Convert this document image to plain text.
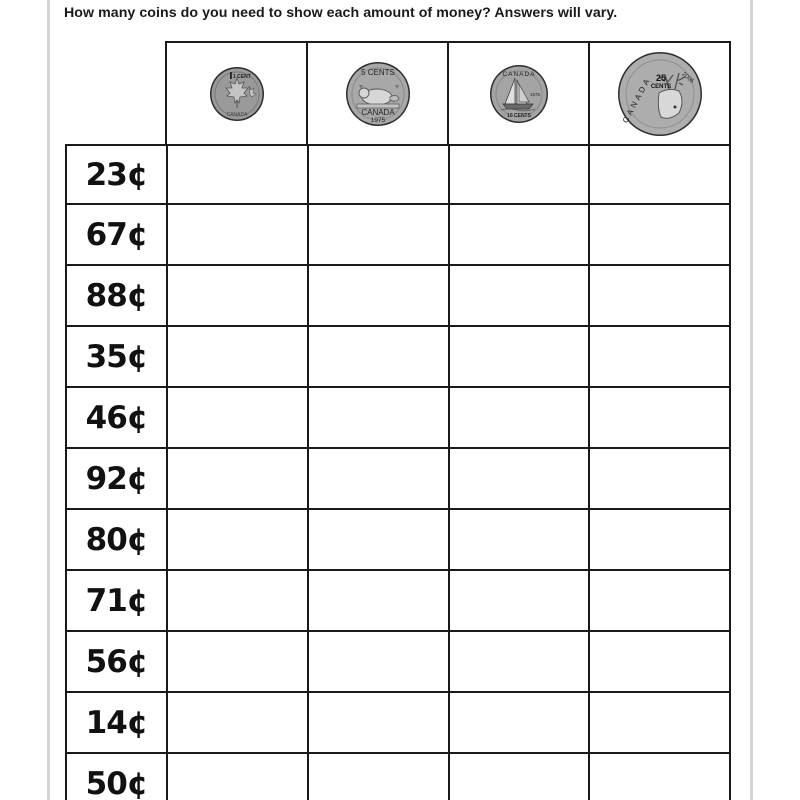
How many coins do you need to show each amount of money? Answers will vary.
1 CENT
CANADA
5 CENTS
CANADA
1975
CANADA
1975
10 CENTS
25
CENTS
CANADA	2006
23¢
67¢
88¢
35¢
46¢
92¢
80¢
71¢
56¢
14¢
50¢
